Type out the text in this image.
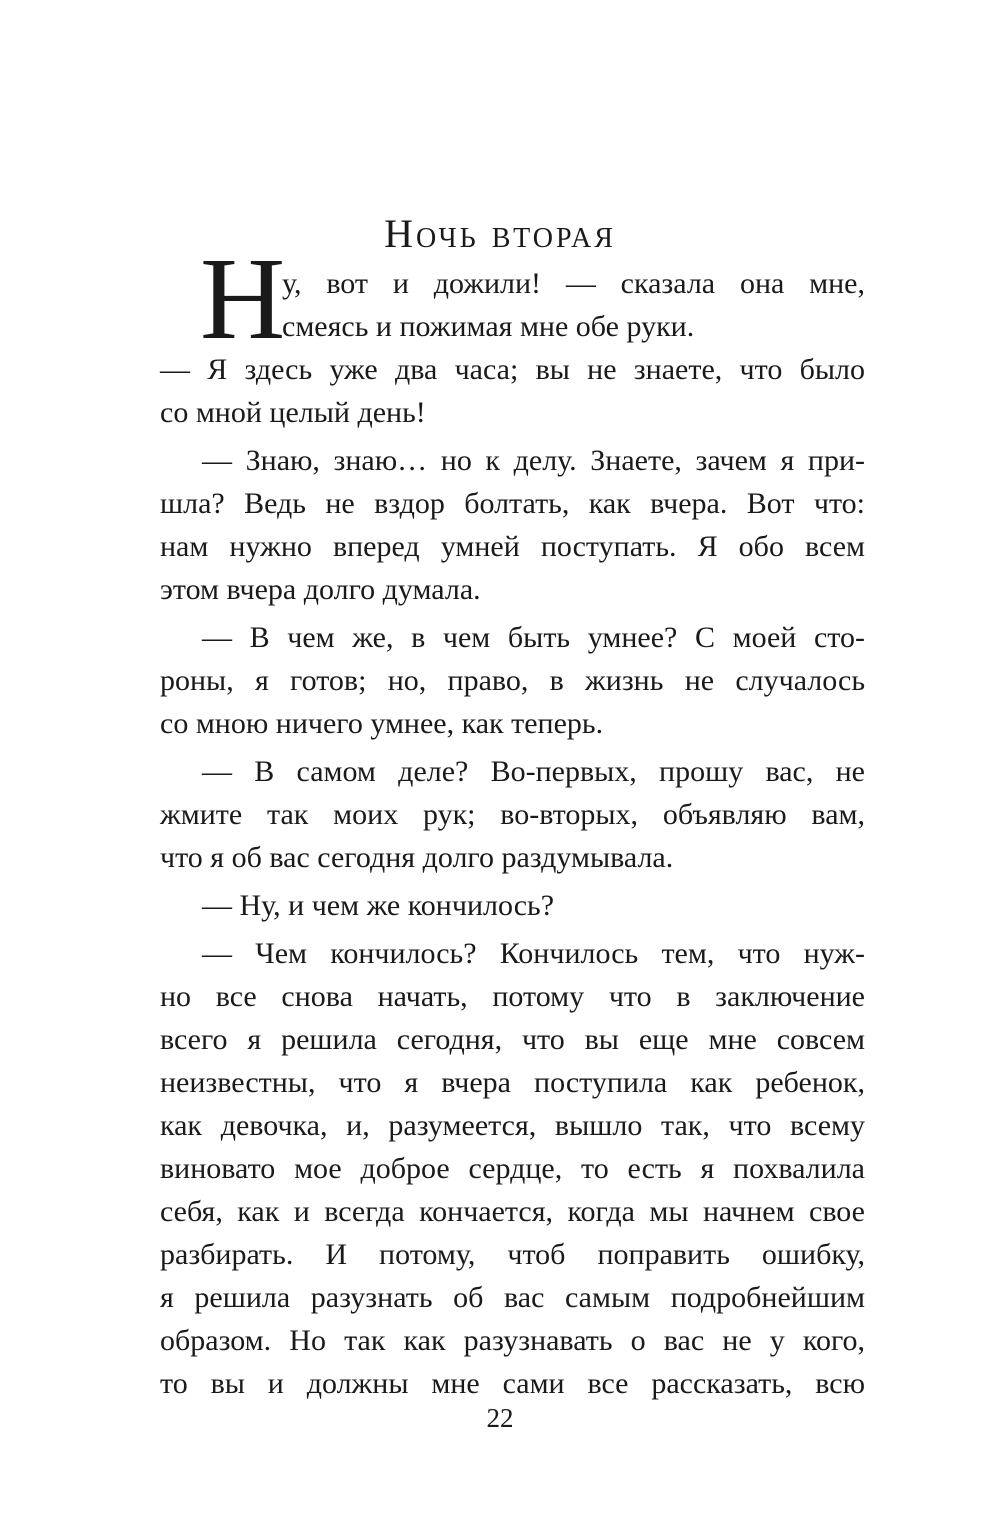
Ночь вторая
Н
у, вот и дожили! — сказала она мне,
смеясь и пожимая мне обе руки.
— Я здесь уже два часа; вы не знаете, что было
со мной целый день!
— Знаю, знаю… но к делу. Знаете, зачем я при-
шла? Ведь не вздор болтать, как вчера. Вот что:
нам нужно вперед умней поступать. Я обо всем
этом вчера долго думала.
— В чем же, в чем быть умнее? С моей сто-
роны, я готов; но, право, в жизнь не случалось
со мною ничего умнее, как теперь.
— В самом деле? Во-первых, прошу вас, не
жмите так моих рук; во-вторых, объявляю вам,
что я об вас сегодня долго раздумывала.
— Ну, и чем же кончилось?
— Чем кончилось? Кончилось тем, что нуж-
но все снова начать, потому что в заключение
всего я решила сегодня, что вы еще мне совсем
неизвестны, что я вчера поступила как ребенок,
как девочка, и, разумеется, вышло так, что всему
виновато мое доброе сердце, то есть я похвалила
себя, как и всегда кончается, когда мы начнем свое
разбирать. И потому, чтоб поправить ошибку,
я решила разузнать об вас самым подробнейшим
образом. Но так как разузнавать о вас не у кого,
то вы и должны мне сами все рассказать, всю
22
